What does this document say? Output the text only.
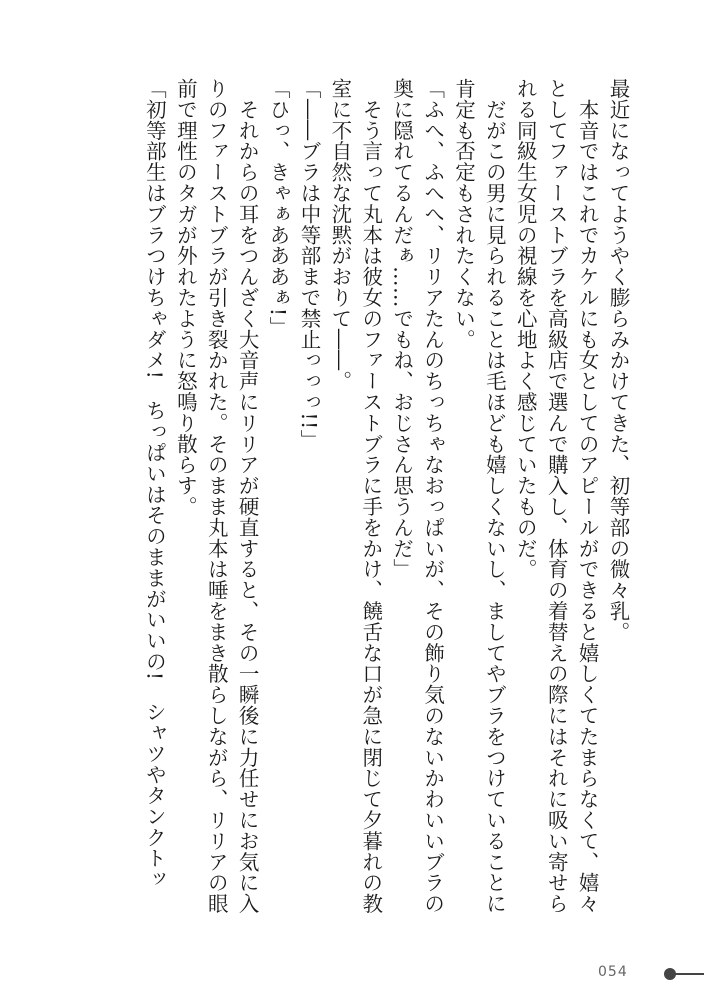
最近になってようやく膨らみかけてきた、初等部の微々乳。
　本音ではこれでカケルにも女としてのアピールができると嬉しくてたまらなくて、嬉々
としてファーストブラを高級店で選んで購入し、体育の着替えの際にはそれに吸い寄せら
れる同級生女児の視線を心地よく感じていたものだ。
　だがこの男に見られることは毛ほども嬉しくないし、ましてやブラをつけていることに
肯定も否定もされたくない。
「ふへ、ふへへ、リリアたんのちっちゃなおっぱいが、その飾り気のないかわいいブラの
奥に隠れてるんだぁ……でもね、おじさん思うんだ」
　そう言って丸本は彼女のファーストブラに手をかけ、饒舌な口が急に閉じて夕暮れの教
室に不自然な沈黙がおりて――。
「――ブラは中等部まで禁止っっっ!!」
「ひっ、きゃぁあああぁ!」
　それからの耳をつんざく大音声にリリアが硬直すると、その一瞬後に力任せにお気に入
りのファーストブラが引き裂かれた。そのまま丸本は唾をまき散らしながら、リリアの眼
前で理性のタガが外れたように怒鳴り散らす。
「初等部生はブラつけちゃダメ!　ちっぱいはそのままがいいの!　シャツやタンクトッ
054
